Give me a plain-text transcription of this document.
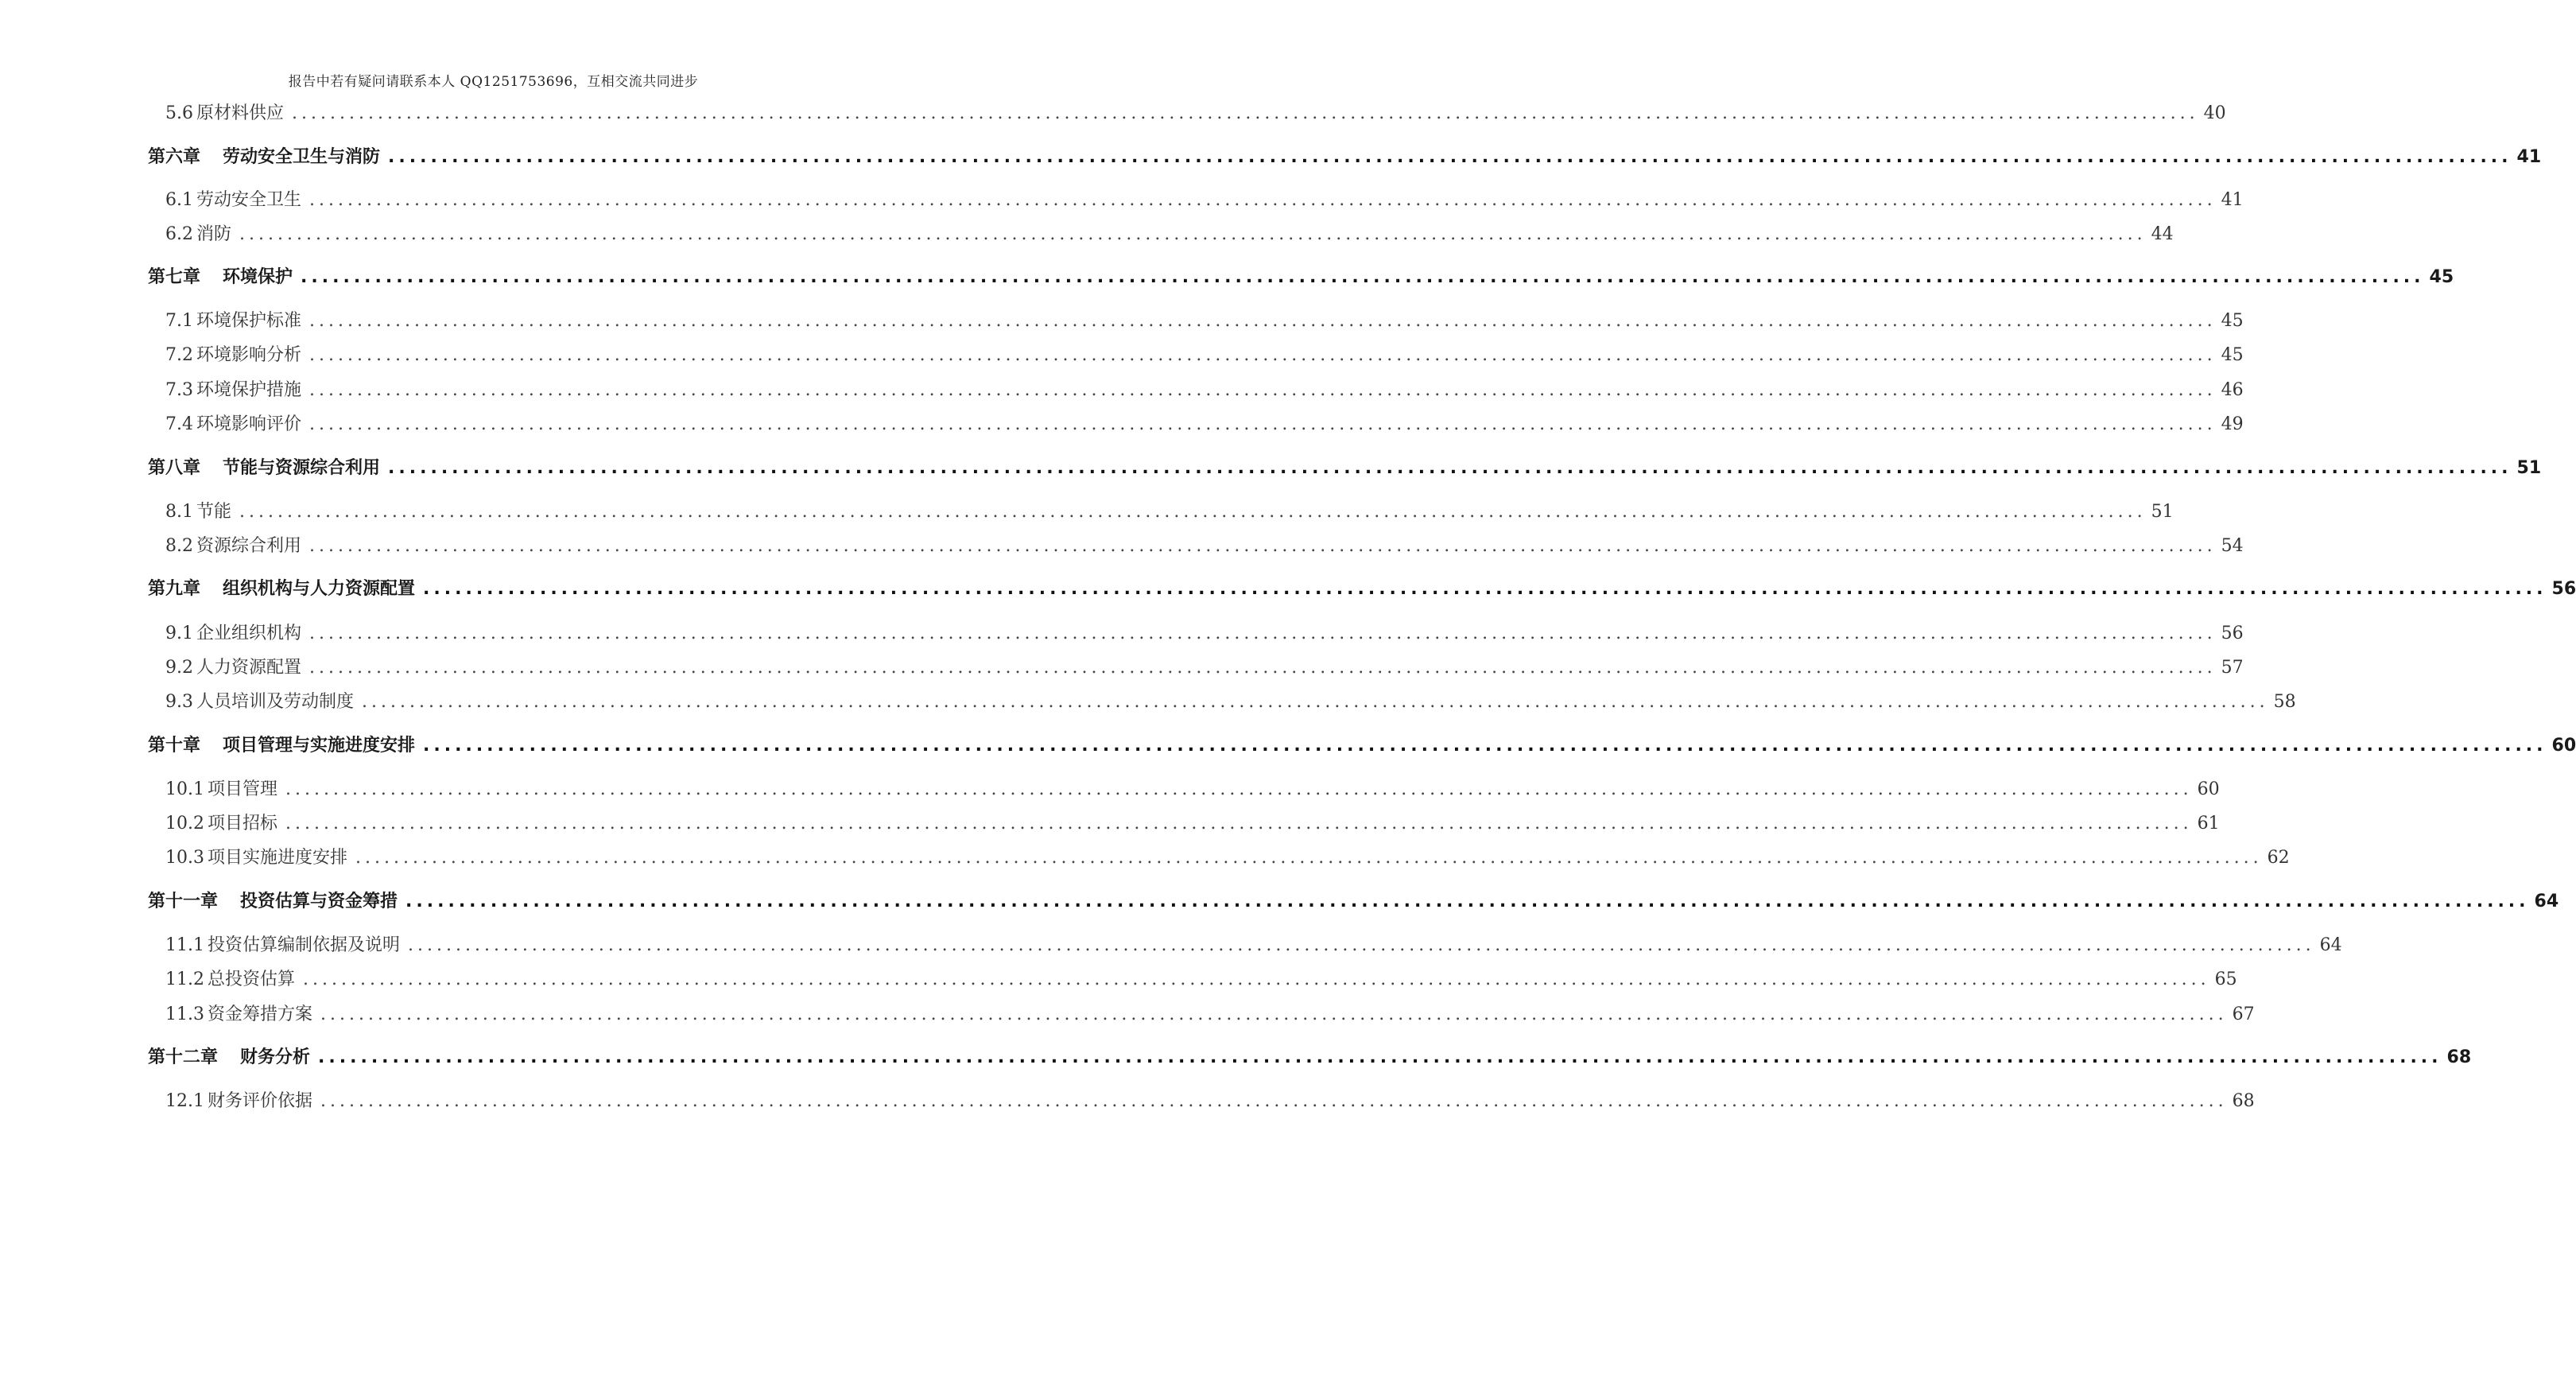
报告中若有疑问请联系本人 QQ1251753696，互相交流共同进步
5.6 原材料供应 ........................................................................................................................................................................................................ 40
第六章 劳动安全卫生与消防 ........................................................................................................................................................................................................ 41
6.1 劳动安全卫生 ........................................................................................................................................................................................................ 41
6.2 消防 ........................................................................................................................................................................................................ 44
第七章 环境保护 ........................................................................................................................................................................................................ 45
7.1 环境保护标准 ........................................................................................................................................................................................................ 45
7.2 环境影响分析 ........................................................................................................................................................................................................ 45
7.3 环境保护措施 ........................................................................................................................................................................................................ 46
7.4 环境影响评价 ........................................................................................................................................................................................................ 49
第八章 节能与资源综合利用 ........................................................................................................................................................................................................ 51
8.1 节能 ........................................................................................................................................................................................................ 51
8.2 资源综合利用 ........................................................................................................................................................................................................ 54
第九章 组织机构与人力资源配置 ........................................................................................................................................................................................................ 56
9.1 企业组织机构 ........................................................................................................................................................................................................ 56
9.2 人力资源配置 ........................................................................................................................................................................................................ 57
9.3 人员培训及劳动制度 ........................................................................................................................................................................................................ 58
第十章 项目管理与实施进度安排 ........................................................................................................................................................................................................ 60
10.1 项目管理 ........................................................................................................................................................................................................ 60
10.2 项目招标 ........................................................................................................................................................................................................ 61
10.3 项目实施进度安排 ........................................................................................................................................................................................................ 62
第十一章 投资估算与资金筹措 ........................................................................................................................................................................................................ 64
11.1 投资估算编制依据及说明 ........................................................................................................................................................................................................ 64
11.2 总投资估算 ........................................................................................................................................................................................................ 65
11.3 资金筹措方案 ........................................................................................................................................................................................................ 67
第十二章 财务分析 ........................................................................................................................................................................................................ 68
12.1 财务评价依据 ........................................................................................................................................................................................................ 68
